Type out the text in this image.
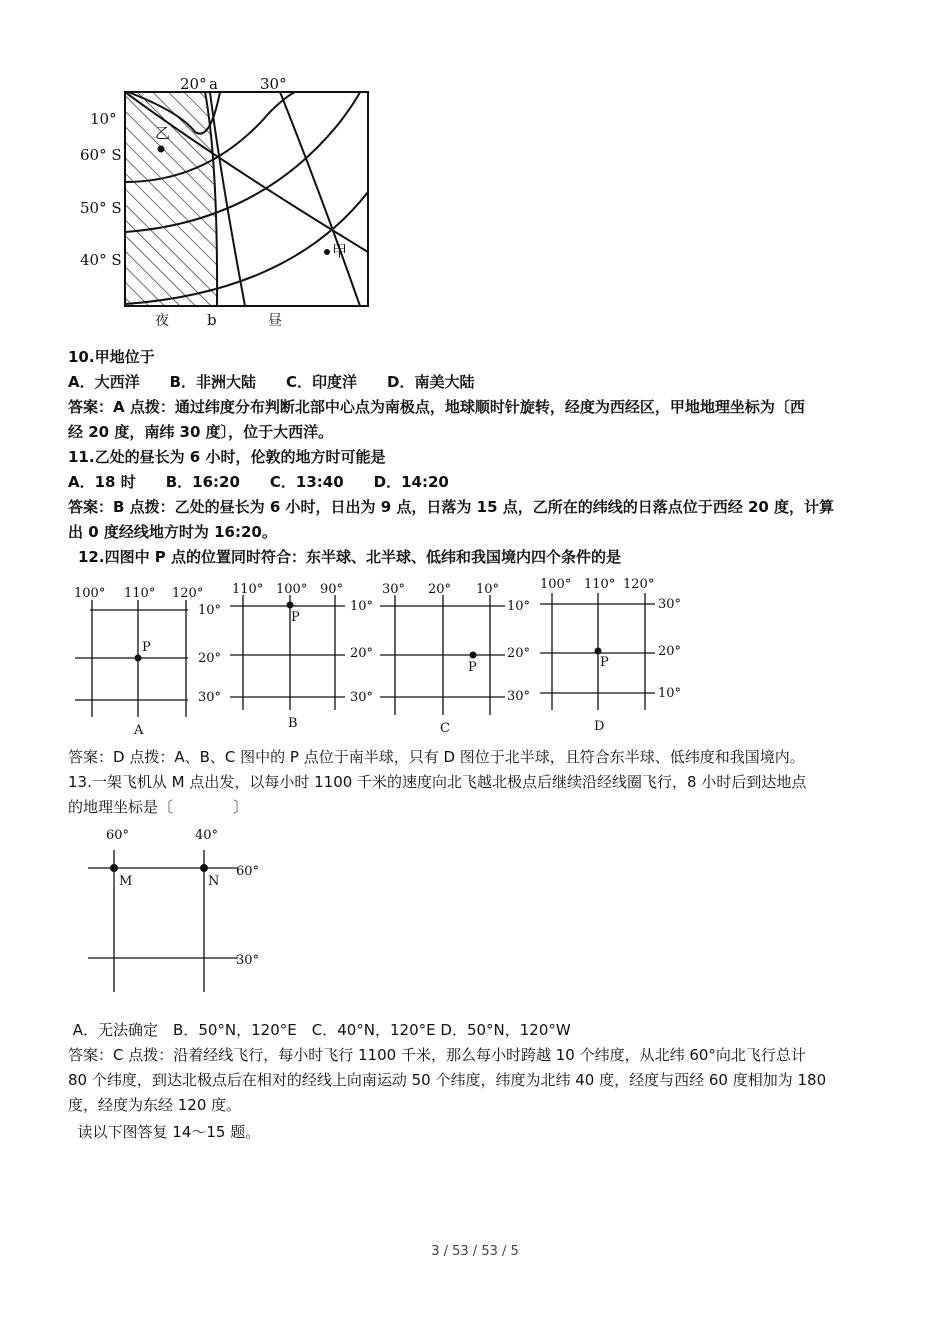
20° a	30°
10°
60° S
50° S
40° S
乙
甲
夜	b	昼
10.甲地位于
A．大西洋　　B．非洲大陆　　C．印度洋　　D．南美大陆
答案：A 点拨：通过纬度分布判断北部中心点为南极点，地球顺时针旋转，经度为西经区，甲地地理坐标为〔西
经 20 度，南纬 30 度〕，位于大西洋。
11.乙处的昼长为 6 小时，伦敦的地方时可能是
A．18 时　　B．16:20　　C．13:40　　D．14:20
答案：B 点拨：乙处的昼长为 6 小时，日出为 9 点，日落为 15 点，乙所在的纬线的日落点位于西经 20 度，计算
出 0 度经线地方时为 16:20。
12.四图中 P 点的位置同时符合：东半球、北半球、低纬和我国境内四个条件的是
100° 110° 120°
10°
20°
30°
P
A
110° 100° 90°
10°
20°
30°
P
B
30° 20° 10°
10°
20°
30°
P
C
100° 110° 120°
30°
20°
10°
P
D
答案：D 点拨：A、B、C 图中的 P 点位于南半球，只有 D 图位于北半球，且符合东半球、低纬度和我国境内。
13.一架飞机从 M 点出发，以每小时 1100 千米的速度向北飞越北极点后继续沿经线圈飞行，8 小时后到达地点
的地理坐标是〔　　　　〕
60°	40°
60°
30°
M	N
A．无法确定　B．50°N，120°E　C．40°N，120°E D．50°N，120°W
答案：C 点拨：沿着经线飞行，每小时飞行 1100 千米，那么每小时跨越 10 个纬度，从北纬 60°向北飞行总计
80 个纬度，到达北极点后在相对的经线上向南运动 50 个纬度，纬度为北纬 40 度，经度与西经 60 度相加为 180
度，经度为东经 120 度。
读以下图答复 14～15 题。
3 / 53 / 53 / 5
